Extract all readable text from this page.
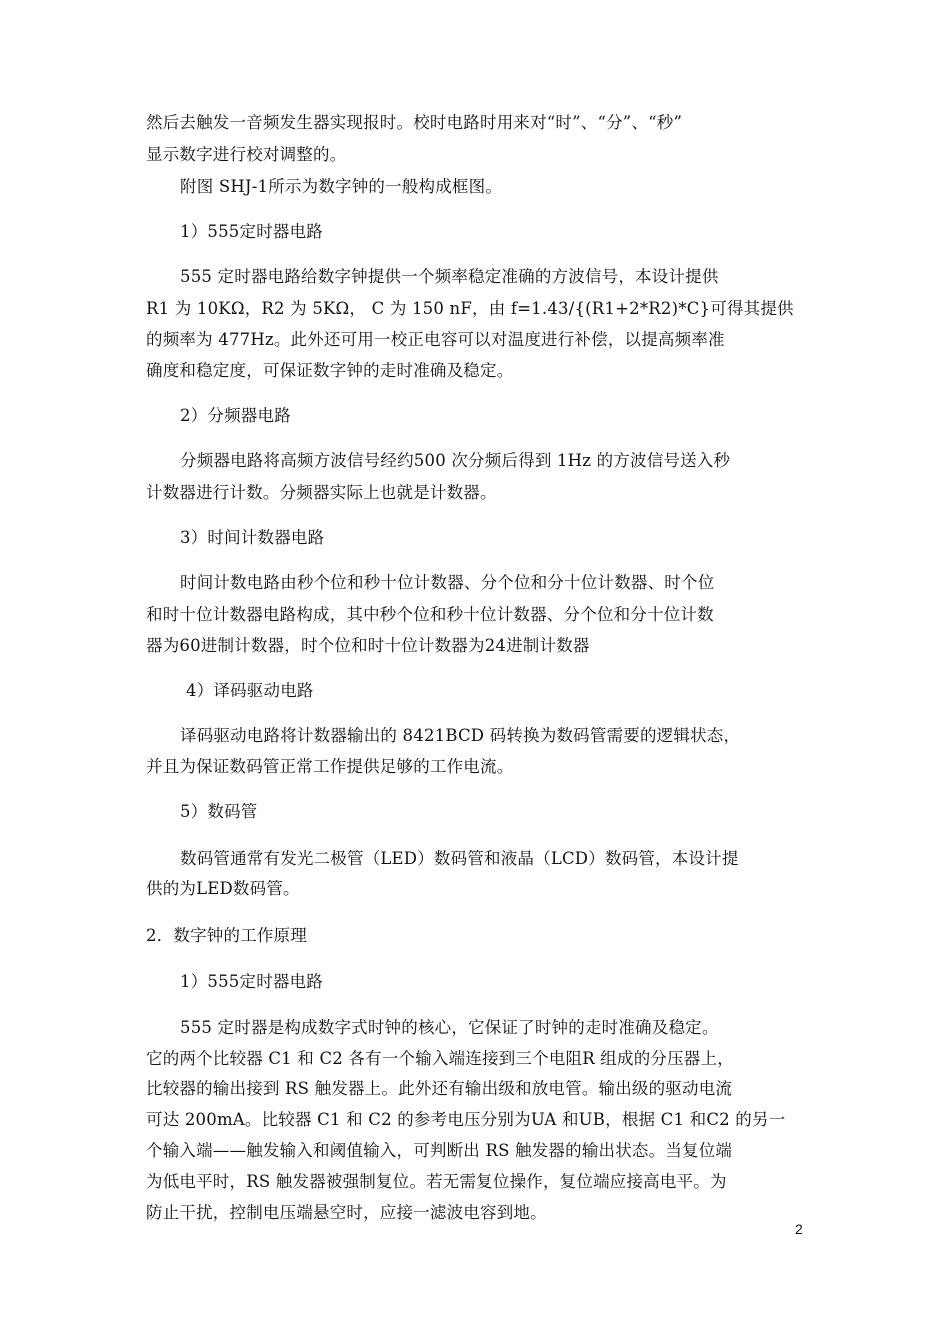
然后去触发一音频发生器实现报时。校时电路时用来对“时”、“分”、“秒”
显示数字进行校对调整的。
附图 SHJ-1所示为数字钟的一般构成框图。
1）555定时器电路
555 定时器电路给数字钟提供一个频率稳定准确的方波信号，本设计提供
R1 为 10KΩ，R2 为 5KΩ， C 为 150 nF，由 f=1.43/{(R1+2*R2)*C}可得其提供
的频率为 477Hz。此外还可用一校正电容可以对温度进行补偿，以提高频率准
确度和稳定度，可保证数字钟的走时准确及稳定。
2）分频器电路
分频器电路将高频方波信号经约500 次分频后得到 1Hz 的方波信号送入秒
计数器进行计数。分频器实际上也就是计数器。
3）时间计数器电路
时间计数电路由秒个位和秒十位计数器、分个位和分十位计数器、时个位
和时十位计数器电路构成，其中秒个位和秒十位计数器、分个位和分十位计数
器为60进制计数器，时个位和时十位计数器为24进制计数器
4）译码驱动电路
译码驱动电路将计数器输出的 8421BCD 码转换为数码管需要的逻辑状态，
并且为保证数码管正常工作提供足够的工作电流。
5）数码管
数码管通常有发光二极管（LED）数码管和液晶（LCD）数码管，本设计提
供的为LED数码管。
2．数字钟的工作原理
1）555定时器电路
555 定时器是构成数字式时钟的核心，它保证了时钟的走时准确及稳定。
它的两个比较器 C1 和 C2 各有一个输入端连接到三个电阻R 组成的分压器上，
比较器的输出接到 RS 触发器上。此外还有输出级和放电管。输出级的驱动电流
可达 200mA。比较器 C1 和 C2 的参考电压分别为UA 和UB，根据 C1 和C2 的另一
个输入端——触发输入和阈值输入，可判断出 RS 触发器的输出状态。当复位端
为低电平时，RS 触发器被强制复位。若无需复位操作，复位端应接高电平。为
防止干扰，控制电压端悬空时，应接一滤波电容到地。
2
